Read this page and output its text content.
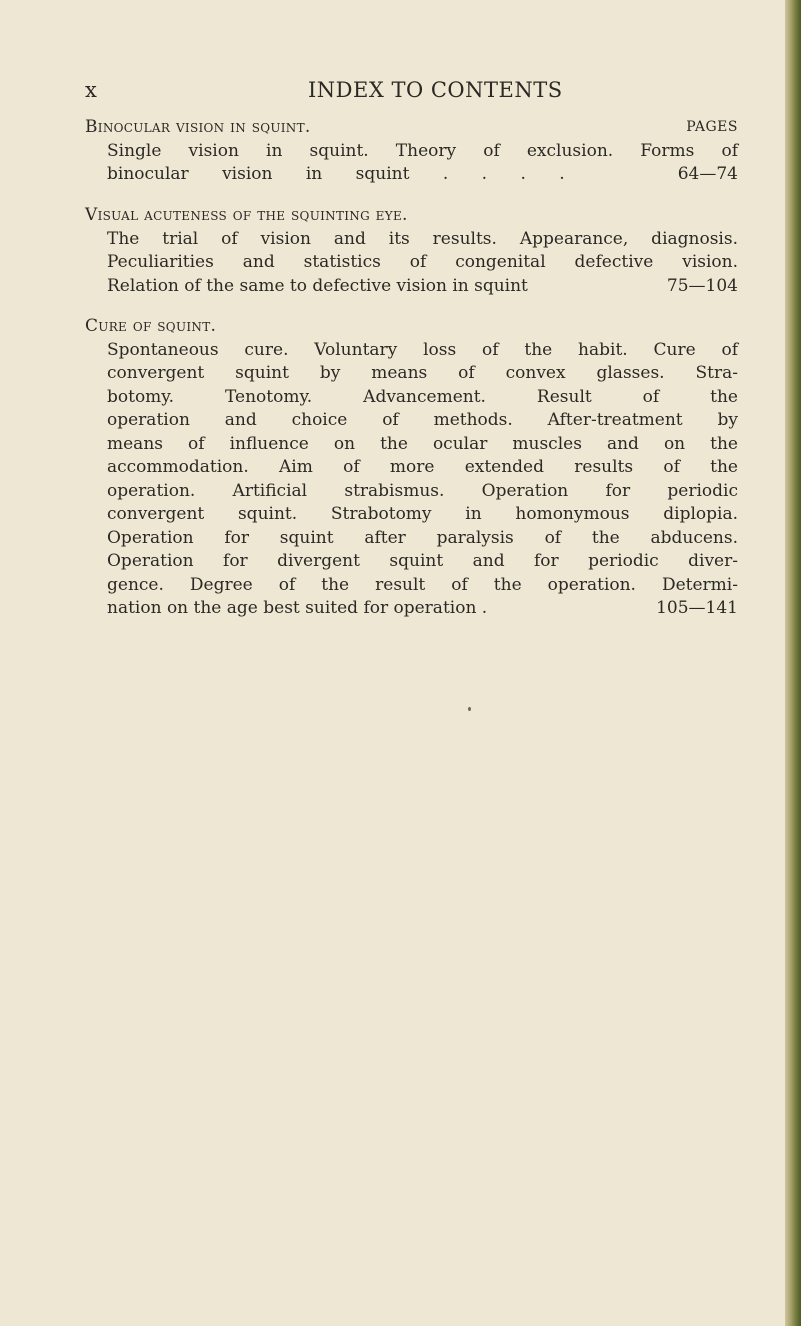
x	INDEX TO CONTENTS
Binocular vision in squint.	PAGES
Single vision in squint. Theory of exclusion. Forms of
binocular vision in squint . . . .	64—74
Visual acuteness of the squinting eye.
The trial of vision and its results. Appearance, diagnosis.
Peculiarities and statistics of congenital defective vision.
Relation of the same to defective vision in squint	75—104
Cure of squint.
Spontaneous cure. Voluntary loss of the habit. Cure of
convergent squint by means of convex glasses. Stra-
botomy. Tenotomy. Advancement. Result of the
operation and choice of methods. After-treatment by
means of influence on the ocular muscles and on the
accommodation. Aim of more extended results of the
operation. Artificial strabismus. Operation for periodic
convergent squint. Strabotomy in homonymous diplopia.
Operation for squint after paralysis of the abducens.
Operation for divergent squint and for periodic diver-
gence. Degree of the result of the operation. Determi-
nation on the age best suited for operation .	105—141
